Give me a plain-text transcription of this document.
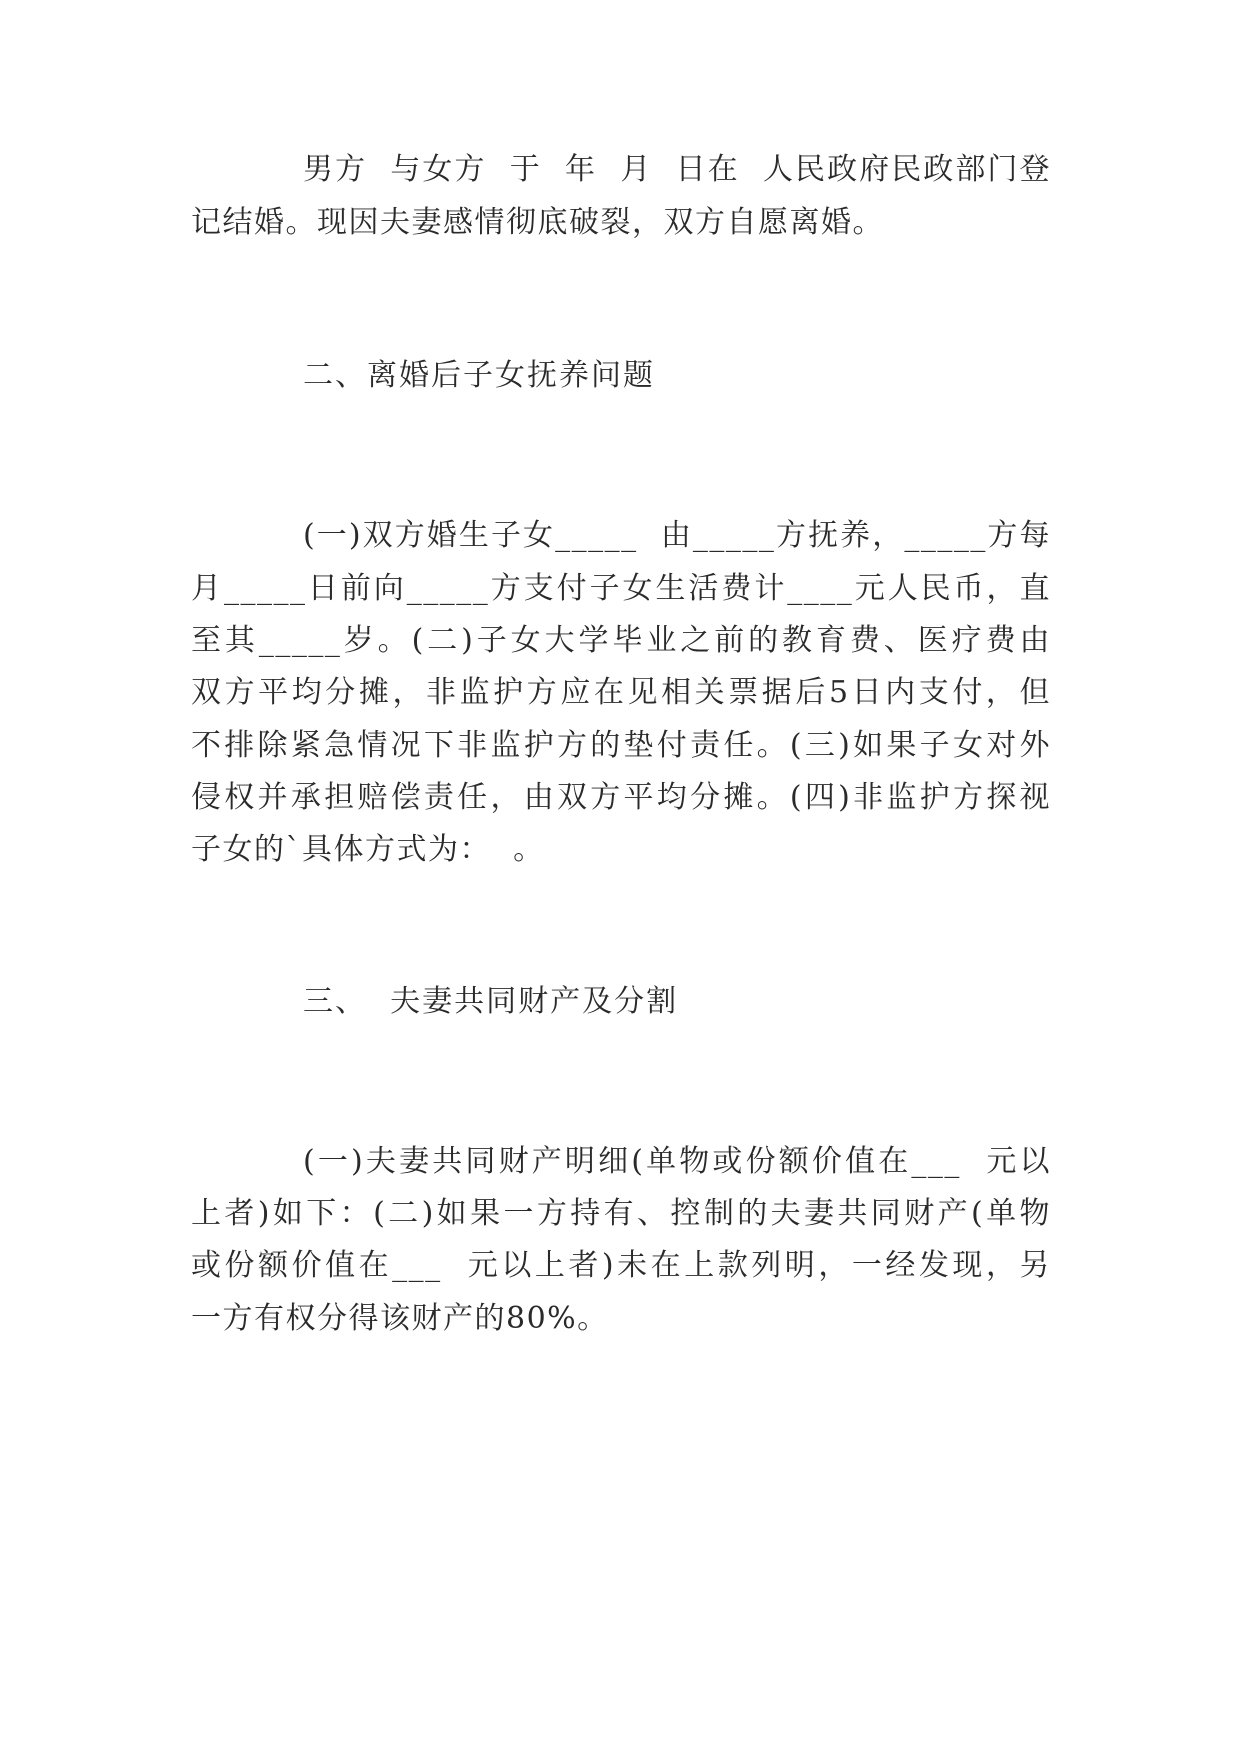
男方  与女方  于  年  月  日在  人民政府民政部门登
记结婚。现因夫妻感情彻底破裂，双方自愿离婚。
二、离婚后子女抚养问题
(一)双方婚生子女_____  由_____方抚养，_____方每
月_____日前向_____方支付子女生活费计____元人民币，直
至其_____岁。(二)子女大学毕业之前的教育费、医疗费由
双方平均分摊，非监护方应在见相关票据后5日内支付，但
不排除紧急情况下非监护方的垫付责任。(三)如果子女对外
侵权并承担赔偿责任，由双方平均分摊。(四)非监护方探视
子女的`具体方式为：  。
三、  夫妻共同财产及分割
(一)夫妻共同财产明细(单物或份额价值在___  元以
上者)如下：(二)如果一方持有、控制的夫妻共同财产(单物
或份额价值在___  元以上者)未在上款列明，一经发现，另
一方有权分得该财产的80%。
